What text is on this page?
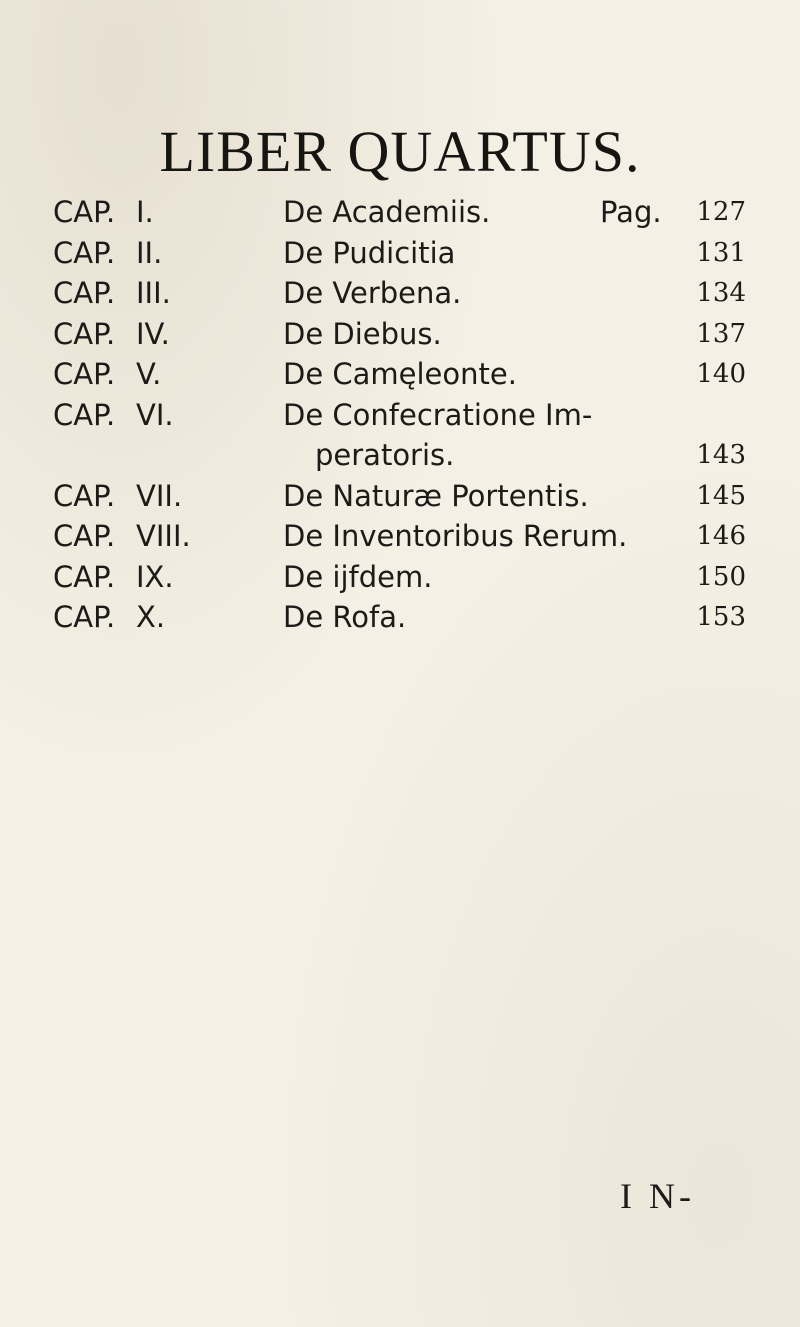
LIBER QUARTUS.
CAP. I.	De Academiis.	Pag. 127
CAP. II.	De Pudicitia	131
CAP. III.	De Verbena.	134
CAP. IV.	De Diebus.	137
CAP. V.	De Camęleonte.	140
CAP. VI.	De Confecratione Im-
peratoris.	143
CAP. VII.	De Naturæ Portentis.	145
CAP. VIII.	De Inventoribus Rerum.	146
CAP. IX.	De ijfdem.	150
CAP. X.	De Rofa.	153
I N-
